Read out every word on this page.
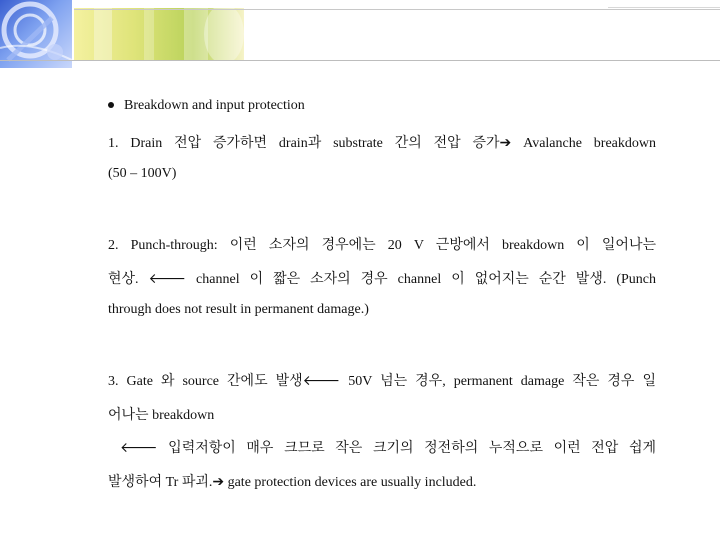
Breakdown and input protection
1. Drain 전압 증가하면 drain과 substrate 간의 전압 증가➔ Avalanche breakdown
(50 – 100V)
2. Punch-through: 이런 소자의 경우에는 20 V 근방에서 breakdown 이 일어나는
현상. 🡐 channel 이 짧은 소자의 경우 channel 이 없어지는 순간 발생. (Punch
through does not result in permanent damage.)
3. Gate 와 source 간에도 발생🡐 50V 넘는 경우, permanent damage 작은 경우 일
어나는 breakdown
🡐 입력저항이 매우 크므로 작은 크기의 정전하의 누적으로 이런 전압 쉽게
발생하여 Tr 파괴.➔ gate protection devices are usually included.
